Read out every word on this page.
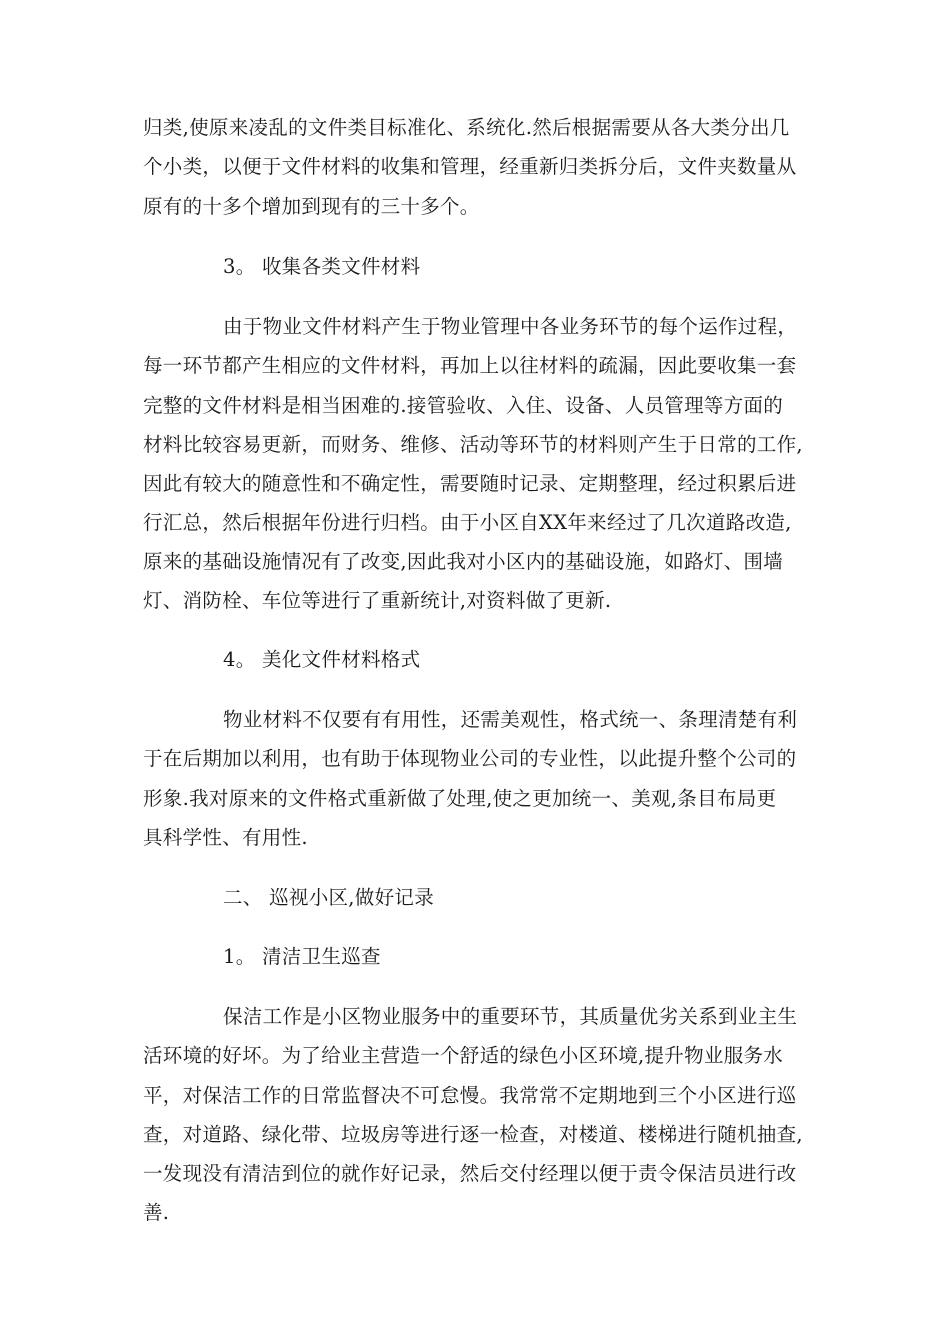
归类,使原来凌乱的文件类目标准化、系统化.然后根据需要从各大类分出几
个小类，以便于文件材料的收集和管理，经重新归类拆分后，文件夹数量从
原有的十多个增加到现有的三十多个。
3。 收集各类文件材料
由于物业文件材料产生于物业管理中各业务环节的每个运作过程，
每一环节都产生相应的文件材料，再加上以往材料的疏漏，因此要收集一套
完整的文件材料是相当困难的.接管验收、入住、设备、人员管理等方面的
材料比较容易更新，而财务、维修、活动等环节的材料则产生于日常的工作,
因此有较大的随意性和不确定性，需要随时记录、定期整理，经过积累后进
行汇总，然后根据年份进行归档。由于小区自XX年来经过了几次道路改造,
原来的基础设施情况有了改变,因此我对小区内的基础设施，如路灯、围墙
灯、消防栓、车位等进行了重新统计,对资料做了更新.
4。 美化文件材料格式
物业材料不仅要有有用性，还需美观性，格式统一、条理清楚有利
于在后期加以利用，也有助于体现物业公司的专业性，以此提升整个公司的
形象.我对原来的文件格式重新做了处理,使之更加统一、美观,条目布局更
具科学性、有用性.
二、 巡视小区,做好记录
1。 清洁卫生巡查
保洁工作是小区物业服务中的重要环节，其质量优劣关系到业主生
活环境的好坏。为了给业主营造一个舒适的绿色小区环境,提升物业服务水
平，对保洁工作的日常监督决不可怠慢。我常常不定期地到三个小区进行巡
查，对道路、绿化带、垃圾房等进行逐一检查，对楼道、楼梯进行随机抽查,
一发现没有清洁到位的就作好记录，然后交付经理以便于责令保洁员进行改
善.
